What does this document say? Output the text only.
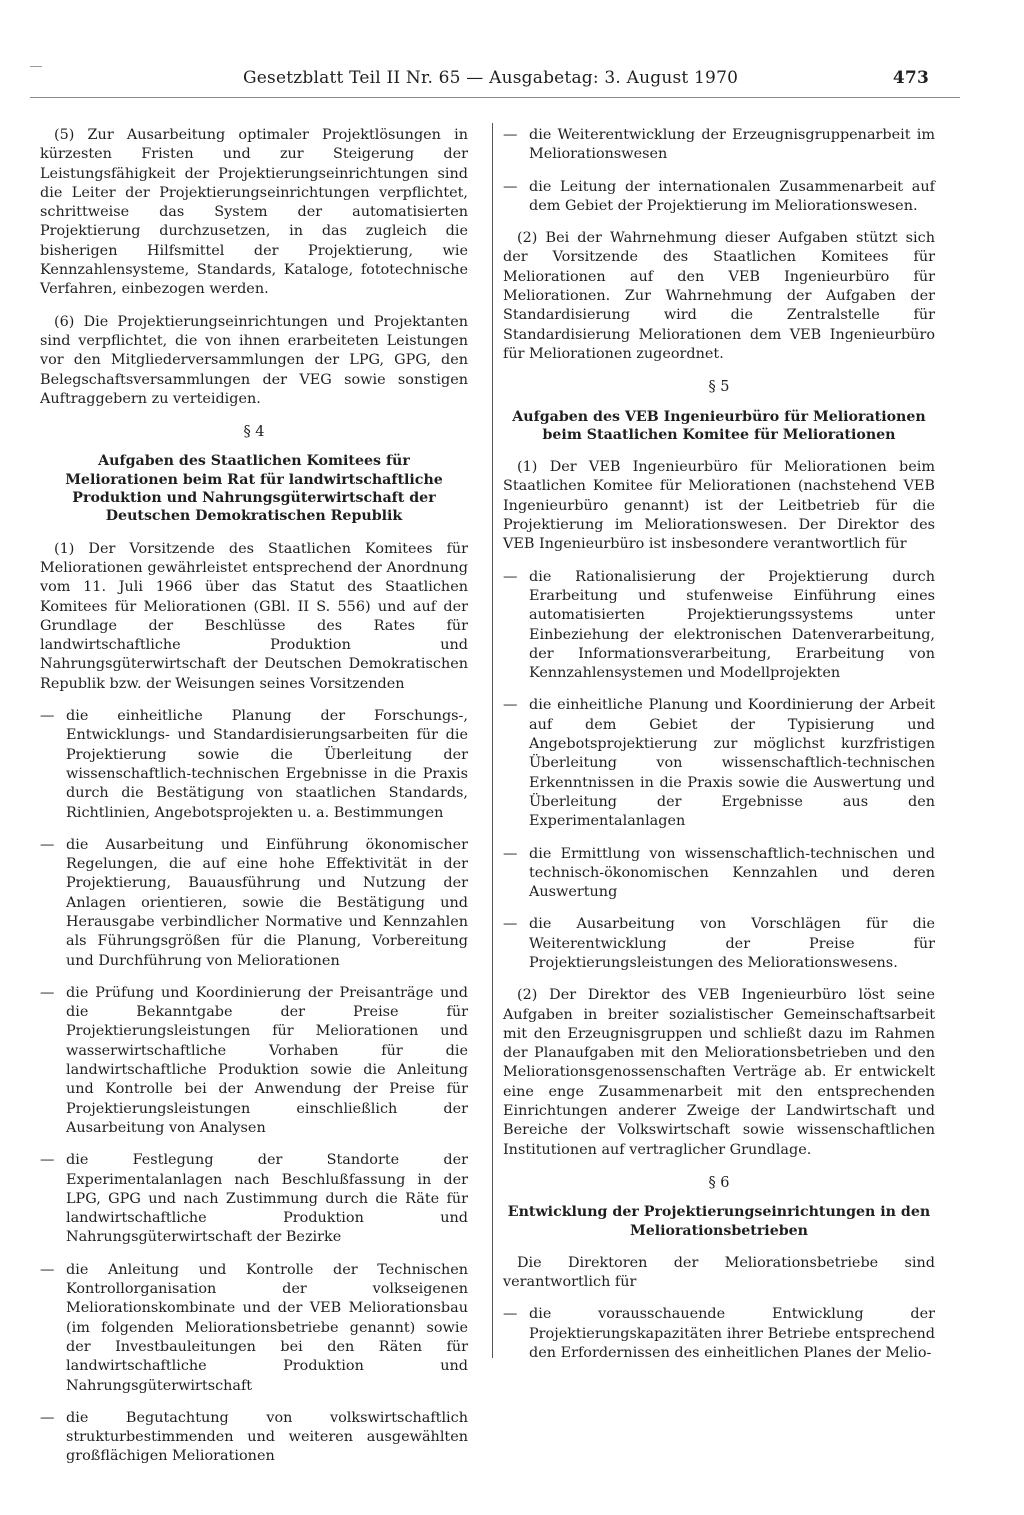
Gesetzblatt Teil II Nr. 65 — Ausgabetag: 3. August 1970	473

(5) Zur Ausarbeitung optimaler Projektlösungen in kürzesten Fristen und zur Steigerung der Leistungsfähigkeit der Projektierungseinrichtungen sind die Leiter der Projektierungseinrichtungen verpflichtet, schrittweise das System der automatisierten Projektierung durchzusetzen, in das zugleich die bisherigen Hilfsmittel der Projektierung, wie Kennzahlensysteme, Standards, Kataloge, fototechnische Verfahren, einbezogen werden.

(6) Die Projektierungseinrichtungen und Projektanten sind verpflichtet, die von ihnen erarbeiteten Leistungen vor den Mitgliederversammlungen der LPG, GPG, den Belegschaftsversammlungen der VEG sowie sonstigen Auftraggebern zu verteidigen.

§ 4
Aufgaben des Staatlichen Komitees für Meliorationen beim Rat für landwirtschaftliche Produktion und Nahrungsgüterwirtschaft der Deutschen Demokratischen Republik

(1) Der Vorsitzende des Staatlichen Komitees für Meliorationen gewährleistet entsprechend der Anordnung vom 11. Juli 1966 über das Statut des Staatlichen Komitees für Meliorationen (GBl. II S. 556) und auf der Grundlage der Beschlüsse des Rates für landwirtschaftliche Produktion und Nahrungsgüterwirtschaft der Deutschen Demokratischen Republik bzw. der Weisungen seines Vorsitzenden

— die einheitliche Planung der Forschungs-, Entwicklungs- und Standardisierungsarbeiten für die Projektierung sowie die Überleitung der wissenschaftlich-technischen Ergebnisse in die Praxis durch die Bestätigung von staatlichen Standards, Richtlinien, Angebotsprojekten u. a. Bestimmungen
— die Ausarbeitung und Einführung ökonomischer Regelungen, die auf eine hohe Effektivität in der Projektierung, Bauausführung und Nutzung der Anlagen orientieren, sowie die Bestätigung und Herausgabe verbindlicher Normative und Kennzahlen als Führungsgrößen für die Planung, Vorbereitung und Durchführung von Meliorationen
— die Prüfung und Koordinierung der Preisanträge und die Bekanntgabe der Preise für Projektierungsleistungen für Meliorationen und wasserwirtschaftliche Vorhaben für die landwirtschaftliche Produktion sowie die Anleitung und Kontrolle bei der Anwendung der Preise für Projektierungsleistungen einschließlich der Ausarbeitung von Analysen
— die Festlegung der Standorte der Experimentalanlagen nach Beschlußfassung in der LPG, GPG und nach Zustimmung durch die Räte für landwirtschaftliche Produktion und Nahrungsgüterwirtschaft der Bezirke
— die Anleitung und Kontrolle der Technischen Kontrollorganisation der volkseigenen Meliorationskombinate und der VEB Meliorationsbau (im folgenden Meliorationsbetriebe genannt) sowie der Investbauleitungen bei den Räten für landwirtschaftliche Produktion und Nahrungsgüterwirtschaft
— die Begutachtung von volkswirtschaftlich strukturbestimmenden und weiteren ausgewählten großflächigen Meliorationen
— die Weiterentwicklung der Erzeugnisgruppenarbeit im Meliorationswesen
— die Leitung der internationalen Zusammenarbeit auf dem Gebiet der Projektierung im Meliorationswesen.

(2) Bei der Wahrnehmung dieser Aufgaben stützt sich der Vorsitzende des Staatlichen Komitees für Meliorationen auf den VEB Ingenieurbüro für Meliorationen. Zur Wahrnehmung der Aufgaben der Standardisierung wird die Zentralstelle für Standardisierung Meliorationen dem VEB Ingenieurbüro für Meliorationen zugeordnet.

§ 5
Aufgaben des VEB Ingenieurbüro für Meliorationen beim Staatlichen Komitee für Meliorationen

(1) Der VEB Ingenieurbüro für Meliorationen beim Staatlichen Komitee für Meliorationen (nachstehend VEB Ingenieurbüro genannt) ist der Leitbetrieb für die Projektierung im Meliorationswesen. Der Direktor des VEB Ingenieurbüro ist insbesondere verantwortlich für

— die Rationalisierung der Projektierung durch Erarbeitung und stufenweise Einführung eines automatisierten Projektierungssystems unter Einbeziehung der elektronischen Datenverarbeitung, der Informationsverarbeitung, Erarbeitung von Kennzahlensystemen und Modellprojekten
— die einheitliche Planung und Koordinierung der Arbeit auf dem Gebiet der Typisierung und Angebotsprojektierung zur möglichst kurzfristigen Überleitung von wissenschaftlich-technischen Erkenntnissen in die Praxis sowie die Auswertung und Überleitung der Ergebnisse aus den Experimentalanlagen
— die Ermittlung von wissenschaftlich-technischen und technisch-ökonomischen Kennzahlen und deren Auswertung
— die Ausarbeitung von Vorschlägen für die Weiterentwicklung der Preise für Projektierungsleistungen des Meliorationswesens.

(2) Der Direktor des VEB Ingenieurbüro löst seine Aufgaben in breiter sozialistischer Gemeinschaftsarbeit mit den Erzeugnisgruppen und schließt dazu im Rahmen der Planaufgaben mit den Meliorationsbetrieben und den Meliorationsgenossenschaften Verträge ab. Er entwickelt eine enge Zusammenarbeit mit den entsprechenden Einrichtungen anderer Zweige der Landwirtschaft und Bereiche der Volkswirtschaft sowie wissenschaftlichen Institutionen auf vertraglicher Grundlage.

§ 6
Entwicklung der Projektierungseinrichtungen in den Meliorationsbetrieben

Die Direktoren der Meliorationsbetriebe sind verantwortlich für

— die vorausschauende Entwicklung der Projektierungskapazitäten ihrer Betriebe entsprechend den Erfordernissen des einheitlichen Planes der Melio-
